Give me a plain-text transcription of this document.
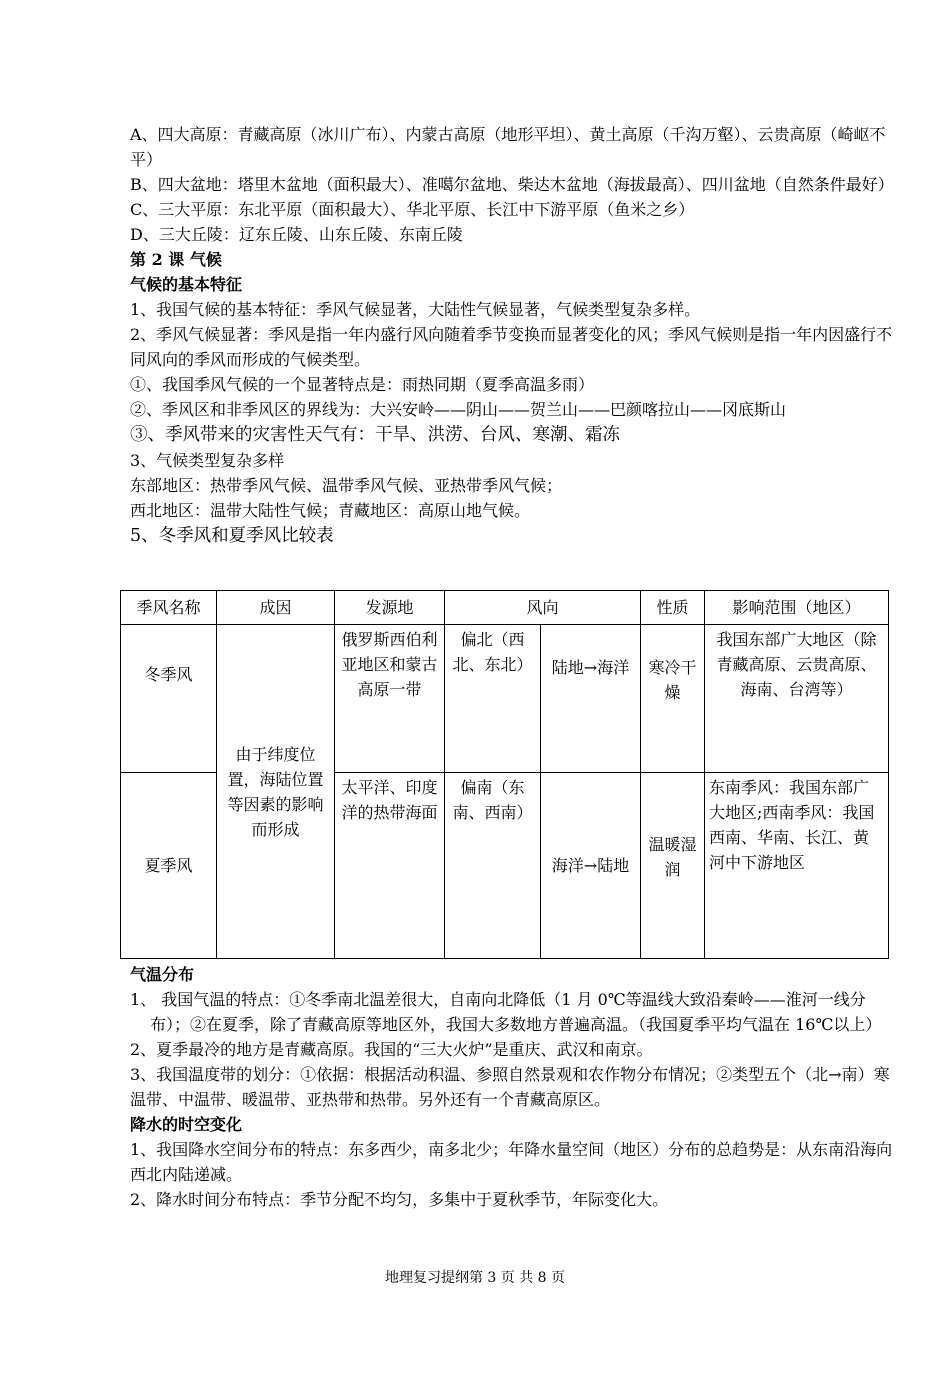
A、四大高原：青藏高原（冰川广布）、内蒙古高原（地形平坦）、黄土高原（千沟万壑）、云贵高原（崎岖不平）

B、四大盆地：塔里木盆地（面积最大）、准噶尔盆地、柴达木盆地（海拔最高）、四川盆地（自然条件最好）

C、三大平原：东北平原（面积最大）、华北平原、长江中下游平原（鱼米之乡）

D、三大丘陵：辽东丘陵、山东丘陵、东南丘陵

第 2 课 气候

气候的基本特征

1、我国气候的基本特征：季风气候显著，大陆性气候显著，气候类型复杂多样。

2、季风气候显著：季风是指一年内盛行风向随着季节变换而显著变化的风；季风气候则是指一年内因盛行不同风向的季风而形成的气候类型。

①、我国季风气候的一个显著特点是：雨热同期（夏季高温多雨）

②、季风区和非季风区的界线为：大兴安岭——阴山——贺兰山——巴颜喀拉山——冈底斯山

③、季风带来的灾害性天气有：干旱、洪涝、台风、寒潮、霜冻

3、气候类型复杂多样

东部地区：热带季风气候、温带季风气候、亚热带季风气候；

西北地区：温带大陆性气候；青藏地区：高原山地气候。

5、冬季风和夏季风比较表

季风名称	成因	发源地	风向		性质	影响范围（地区）
冬季风	由于纬度位置，海陆位置等因素的影响而形成	俄罗斯西伯利亚地区和蒙古高原一带	偏北（西北、东北）	陆地→海洋	寒冷干燥	我国东部广大地区（除青藏高原、云贵高原、海南、台湾等）
夏季风		太平洋、印度洋的热带海面	偏南（东南、西南）	海洋→陆地	温暖湿润	东南季风：我国东部广大地区;西南季风：我国西南、华南、长江、黄河中下游地区

气温分布

1、 我国气温的特点：①冬季南北温差很大，自南向北降低（1 月 0℃等温线大致沿秦岭——淮河一线分布）；②在夏季，除了青藏高原等地区外，我国大多数地方普遍高温。（我国夏季平均气温在 16℃以上）

2、夏季最冷的地方是青藏高原。我国的“三大火炉”是重庆、武汉和南京。

3、我国温度带的划分：①依据：根据活动积温、参照自然景观和农作物分布情况；②类型五个（北→南）寒温带、中温带、暖温带、亚热带和热带。另外还有一个青藏高原区。

降水的时空变化

1、我国降水空间分布的特点：东多西少，南多北少；年降水量空间（地区）分布的总趋势是：从东南沿海向西北内陆递减。

2、降水时间分布特点：季节分配不均匀，多集中于夏秋季节，年际变化大。

地理复习提纲第 3 页 共 8 页
